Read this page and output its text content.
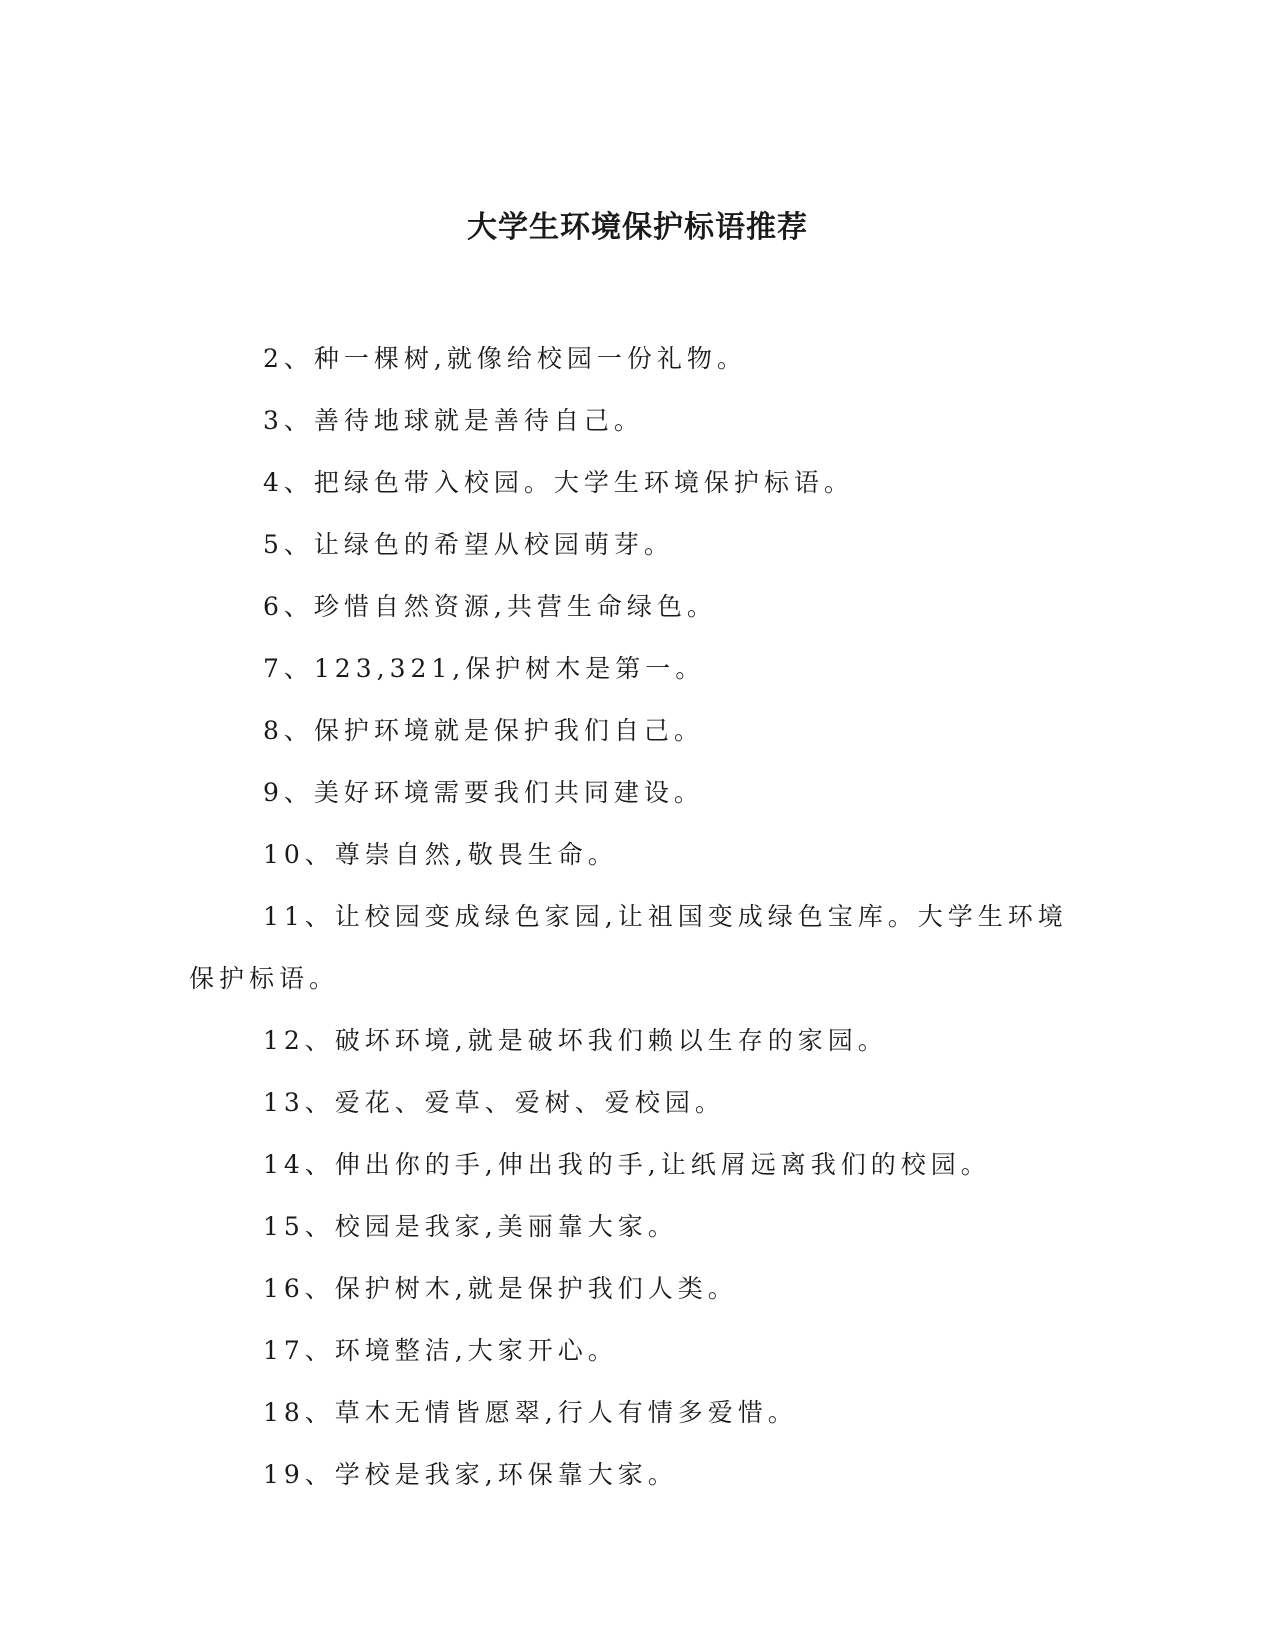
大学生环境保护标语推荐
2、种一棵树,就像给校园一份礼物。
3、善待地球就是善待自己。
4、把绿色带入校园。大学生环境保护标语。
5、让绿色的希望从校园萌芽。
6、珍惜自然资源,共营生命绿色。
7、123,321,保护树木是第一。
8、保护环境就是保护我们自己。
9、美好环境需要我们共同建设。
10、尊崇自然,敬畏生命。
11、让校园变成绿色家园,让祖国变成绿色宝库。大学生环境保护标语。
12、破坏环境,就是破坏我们赖以生存的家园。
13、爱花、爱草、爱树、爱校园。
14、伸出你的手,伸出我的手,让纸屑远离我们的校园。
15、校园是我家,美丽靠大家。
16、保护树木,就是保护我们人类。
17、环境整洁,大家开心。
18、草木无情皆愿翠,行人有情多爱惜。
19、学校是我家,环保靠大家。
